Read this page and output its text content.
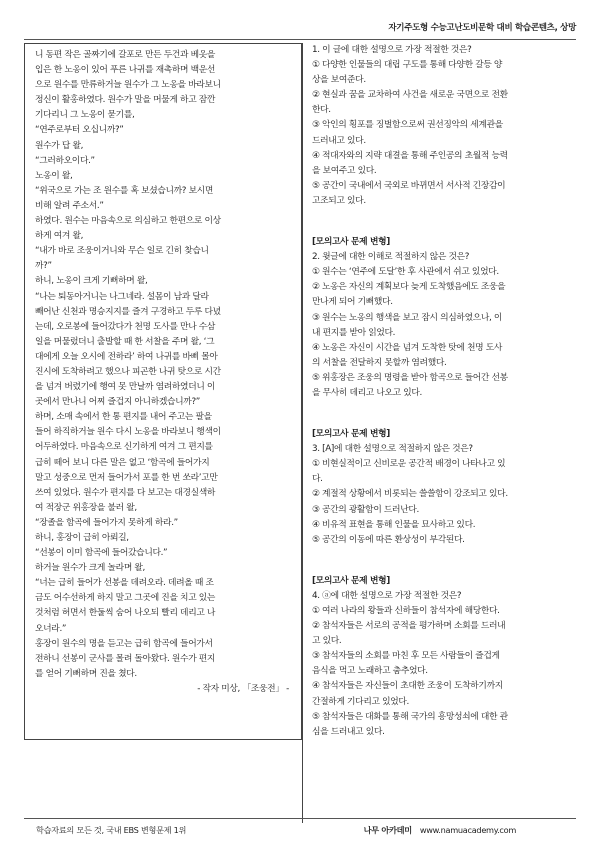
자기주도형 수능고난도비문학 대비 학습콘텐츠, 상망
니 동편 작은 골짜기에 갈포로 만든 두건과 베옷을
입은 한 노옹이 있어 푸른 나귀를 재촉하며 백운선
으로 원수를 만류하거늘 원수가 그 노옹을 바라보니
정신이 활홍하였다. 원수가 말을 머물게 하고 잠깐
기다리니 그 노옹이 묻기를,
“연주로부터 오십니까?”
원수가 답 왈,
“그러하오이다.”
노옹이 왈,
“위국으로 가는 조 원수를 혹 보셨습니까? 보시면
비해 알려 주소서.”
하였다. 원수는 마음속으로 의심하고 한편으로 이상
하게 여겨 왈,
“내가 바로 조웅이거니와 무슨 일로 긴히 찾습니
까?”
하니, 노옹이 크게 기뻐하며 왈,
“나는 퇴동아거니는 나그네라. 설몸이 남과 달라
빼어난 신천과 명승지지를 즐겨 구경하고 두루 다녔
는데, 오로봉에 들어갔다가 천명 도사를 만나 수삼
일을 머물렀더니 출발할 때 한 서찰을 주며 왈, ‘그
대에게 오늘 오시에 전하라’ 하여 나귀를 바삐 몰아
진시에 도착하려고 했으나 피곤한 나귀 탓으로 시간
을 넘겨 버렸기에 행여 못 만날까 염려하였더니 이
곳에서 만나니 어찌 즐겁지 아니하겠습니까?”
하며, 소매 속에서 한 통 편지를 내어 주고는 팔을
들어 하직하거늘 원수 다시 노옹을 바라보니 행색이
어두하였다. 마음속으로 신기하게 여겨 그 편지를
급히 떼어 보니 다른 말은 없고 ‘함곡에 들어가지
말고 성중으로 먼저 들어가서 포를 한 번 쏘라’고만
쓰여 있었다. 원수가 편지를 다 보고는 대경실색하
여 적장군 위홍장을 불러 왈,
“장졸을 함곡에 들어가지 못하게 하라.”
하니, 홍장이 급히 아뢰길,
“선봉이 이미 함곡에 들어갔습니다.”
하거늘 원수가 크게 놀라며 왈,
“너는 급히 들어가 선봉을 데려오라. 데려올 때 조
금도 어수선하게 하지 말고 그곳에 진을 치고 있는
것처럼 허면서 한둘씩 숨어 나오되 빨리 데리고 나
오너라.”
홍장이 원수의 명을 듣고는 급히 함곡에 들어가서
전하니 선봉이 군사를 몰려 돌아왔다. 원수가 편지
를 얻어 기뻐하며 진을 쳤다.
- 작자 미상, 「조웅전」 -
1. 이 글에 대한 설명으로 가장 적절한 것은?
① 다양한 인물들의 대립 구도를 통해 다양한 갈등 양
상을 보여준다.
② 현실과 꿈을 교차하여 사건을 새로운 국면으로 전환
한다.
③ 악인의 횡포를 징벌함으로써 권선징악의 세계관을
드러내고 있다.
④ 적대자와의 지략 대결을 통해 주인공의 초월적 능력
을 보여주고 있다.
⑤ 공간이 국내에서 국외로 바뀌면서 서사적 긴장감이
고조되고 있다.
[모의고사 문제 변형]
2. 윗글에 대한 이해로 적절하지 않은 것은?
① 원수는 ‘연주에 도달’한 후 사관에서 쉬고 있었다.
② 노옹은 자신의 계획보다 늦게 도착했음에도 조웅을
만나게 되어 기뻐했다.
③ 원수는 노옹의 행색을 보고 잠시 의심하였으나, 이
내 편지를 받아 읽었다.
④ 노옹은 자신이 시간을 넘겨 도착한 탓에 천명 도사
의 서찰을 전달하지 못할까 염려했다.
⑤ 위홍장은 조웅의 명령을 받아 함곡으로 들어간 선봉
을 무사히 데리고 나오고 있다.
[모의고사 문제 변형]
3. [A]에 대한 설명으로 적절하지 않은 것은?
① 비현실적이고 신비로운 공간적 배경이 나타나고 있
다.
② 계절적 상황에서 비롯되는 쓸쓸함이 강조되고 있다.
③ 공간의 광활함이 드러난다.
④ 비유적 표현을 통해 인물을 묘사하고 있다.
⑤ 공간의 이동에 따른 환상성이 부각된다.
[모의고사 문제 변형]
4. ⓐ에 대한 설명으로 가장 적절한 것은?
① 여러 나라의 왕들과 신하들이 참석자에 해당한다.
② 참석자들은 서로의 공적을 평가하며 소회를 드러내
고 있다.
③ 참석자들의 소회를 마친 후 모든 사람들이 즐겁게
음식을 먹고 노래하고 춤추었다.
④ 참석자들은 자신들이 초대한 조웅이 도착하기까지
간절하게 기다리고 있었다.
⑤ 참석자들은 대화를 통해 국가의 흥망성쇠에 대한 관
심을 드러내고 있다.
학습자료의 모든 것, 국내 EBS 변형문제 1위	나무 아카데미 www.namuacademy.com
